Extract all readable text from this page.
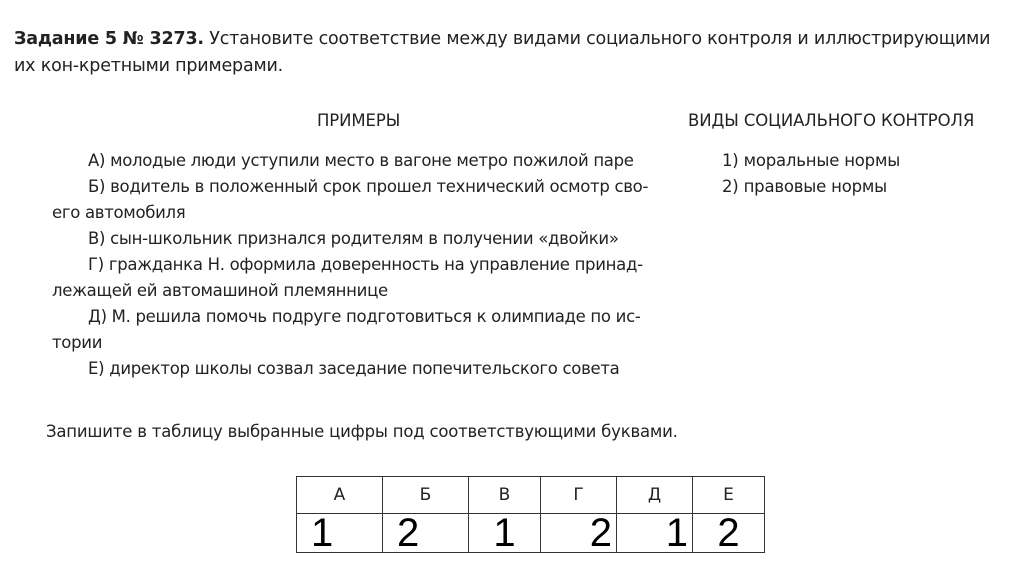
Задание 5 № 3273. Установите соответствие между видами социального контроля и иллюстрирующими их кон-кретными примерами.
ПРИМЕРЫ	ВИДЫ СОЦИАЛЬНОГО КОНТРОЛЯ

А) молодые люди уступили место в вагоне метро пожилой паре

Б) водитель в положенный срок прошел технический осмотр сво-его автомобиля

В) сын-школьник признался родителям в получении «двойки»

Г) гражданка Н. оформила доверенность на управление принад-лежащей ей автомашиной племяннице

Д) М. решила помочь подруге подготовиться к олимпиаде по ис-тории

Е) директор школы созвал заседание попечительского совета

1) моральные нормы
2) правовые нормы
Запишите в таблицу выбранные цифры под соответствующими буквами.
А	Б	В	Г	Д	Е
1	2	1	2	1	2
